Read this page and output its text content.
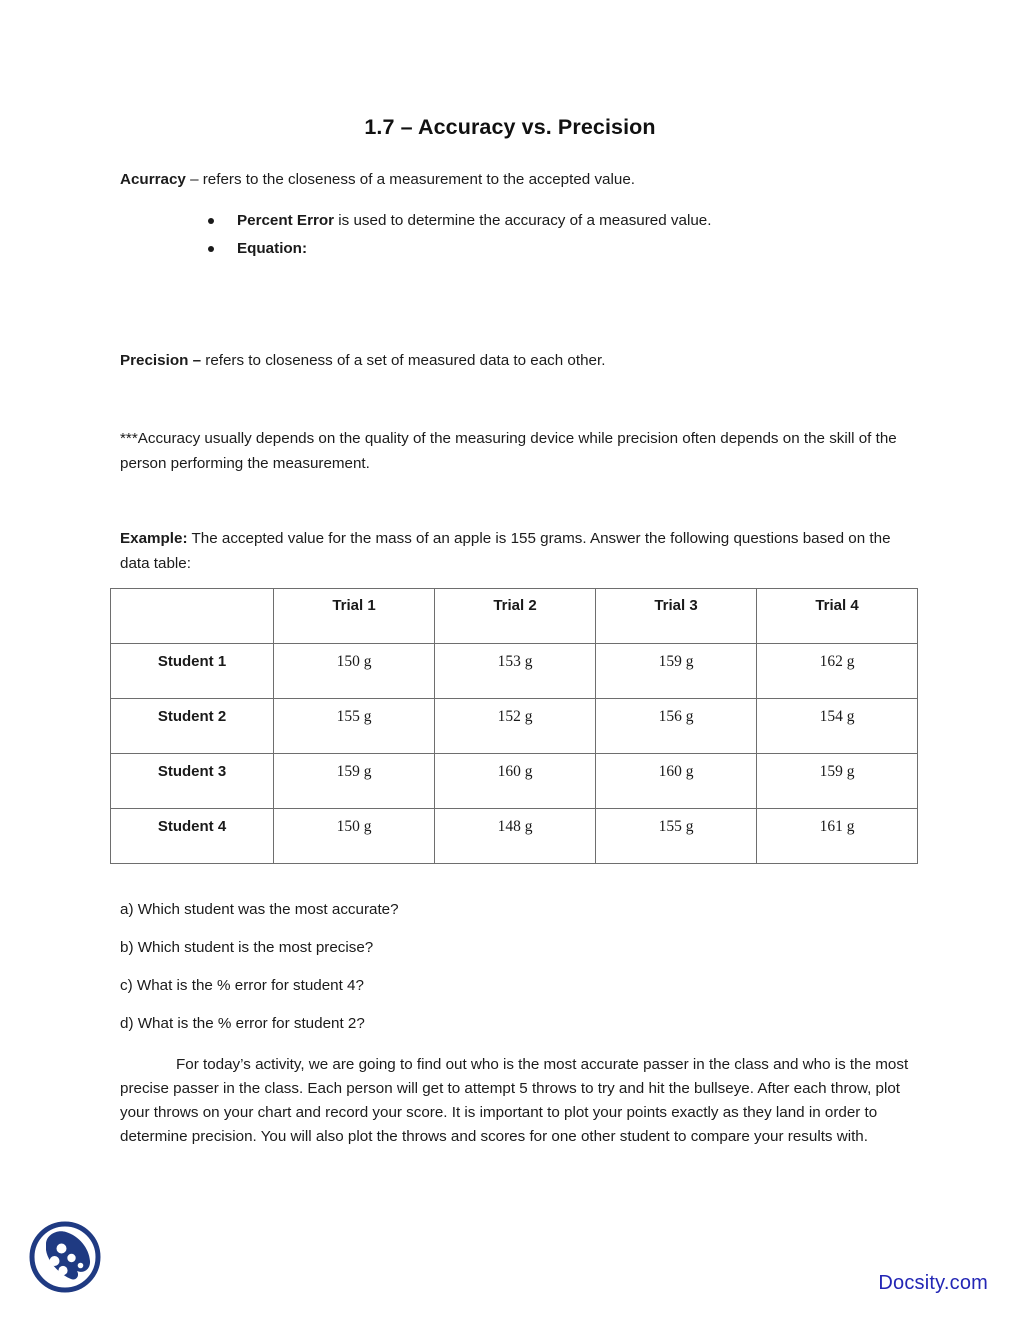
1.7 – Accuracy vs. Precision
Acurracy – refers to the closeness of a measurement to the accepted value.
Percent Error is used to determine the accuracy of a measured value.
Equation:
Precision – refers to closeness of a set of measured data to each other.
***Accuracy usually depends on the quality of the measuring device while precision often depends on the skill of the person performing the measurement.
Example: The accepted value for the mass of an apple is 155 grams. Answer the following questions based on the data table:

	Trial 1	Trial 2	Trial 3	Trial 4

Student 1	150 g	153 g	159 g	162 g

Student 2	155 g	152 g	156 g	154 g

Student 3	159 g	160 g	160 g	159 g

Student 4	150 g	148 g	155 g	161 g
a) Which student was the most accurate?
b) Which student is the most precise?
c) What is the % error for student 4?
d) What is the % error for student 2?
For today’s activity, we are going to find out who is the most accurate passer in the class and who is the most precise passer in the class. Each person will get to attempt 5 throws to try and hit the bullseye. After each throw, plot your throws on your chart and record your score. It is important to plot your points exactly as they land in order to determine precision. You will also plot the throws and scores for one other student to compare your results with.
Docsity.com
